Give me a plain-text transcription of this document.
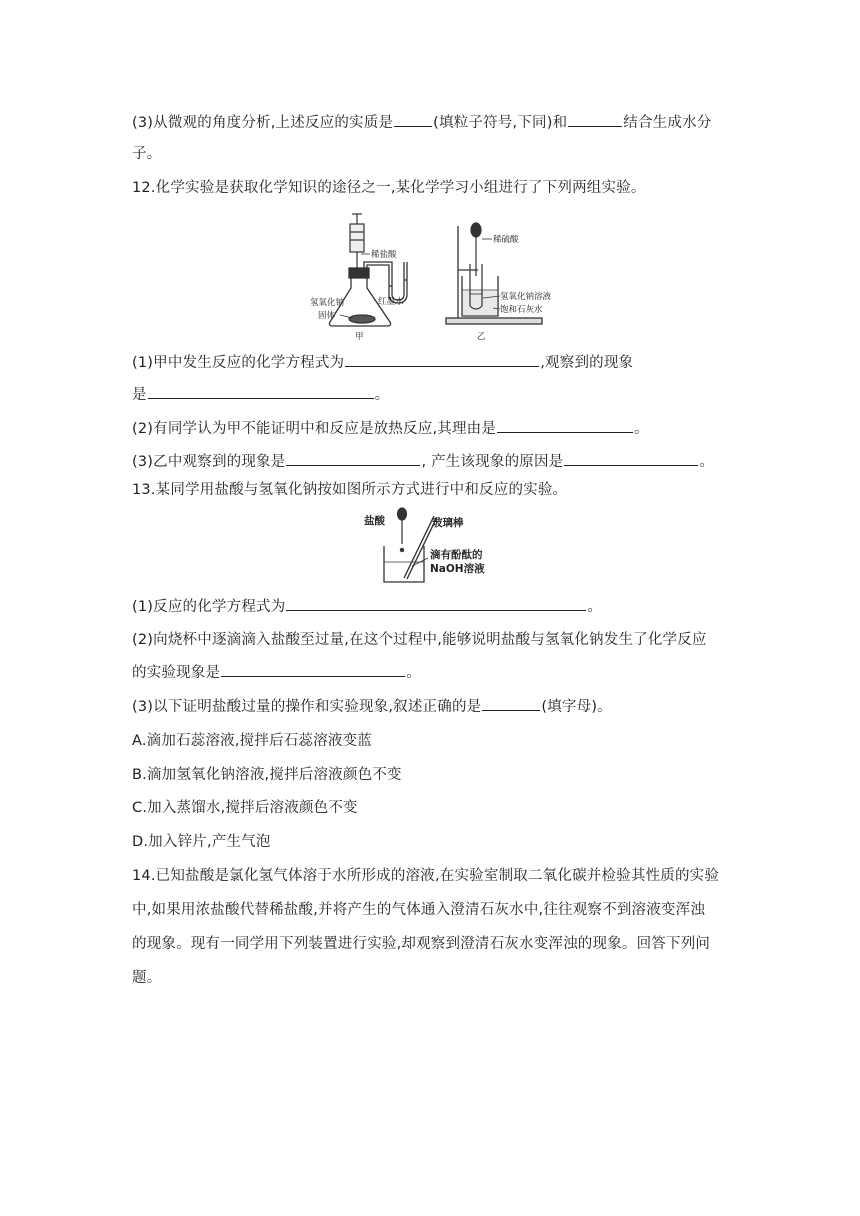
(3)从微观的角度分析,上述反应的实质是	(填粒子符号,下同)和	结合生成水分
子。
12.化学实验是获取化学知识的途径之一,某化学学习小组进行了下列两组实验。
稀盐酸
氢氧化钠
固体
红墨水
甲
稀硫酸
氢氧化钠溶液
饱和石灰水
乙
(1)甲中发生反应的化学方程式为	,观察到的现象
是	。
(2)有同学认为甲不能证明中和反应是放热反应,其理由是	。
(3)乙中观察到的现象是	, 产生该现象的原因是	。
13.某同学用盐酸与氢氧化钠按如图所示方式进行中和反应的实验。
盐酸	玻璃棒
滴有酚酞的
NaOH溶液
(1)反应的化学方程式为	。
(2)向烧杯中逐滴滴入盐酸至过量,在这个过程中,能够说明盐酸与氢氧化钠发生了化学反应
的实验现象是	。
(3)以下证明盐酸过量的操作和实验现象,叙述正确的是	(填字母)。
A.滴加石蕊溶液,搅拌后石蕊溶液变蓝
B.滴加氢氧化钠溶液,搅拌后溶液颜色不变
C.加入蒸馏水,搅拌后溶液颜色不变
D.加入锌片,产生气泡
14.已知盐酸是氯化氢气体溶于水所形成的溶液,在实验室制取二氧化碳并检验其性质的实验
中,如果用浓盐酸代替稀盐酸,并将产生的气体通入澄清石灰水中,往往观察不到溶液变浑浊
的现象。现有一同学用下列装置进行实验,却观察到澄清石灰水变浑浊的现象。回答下列问
题。
